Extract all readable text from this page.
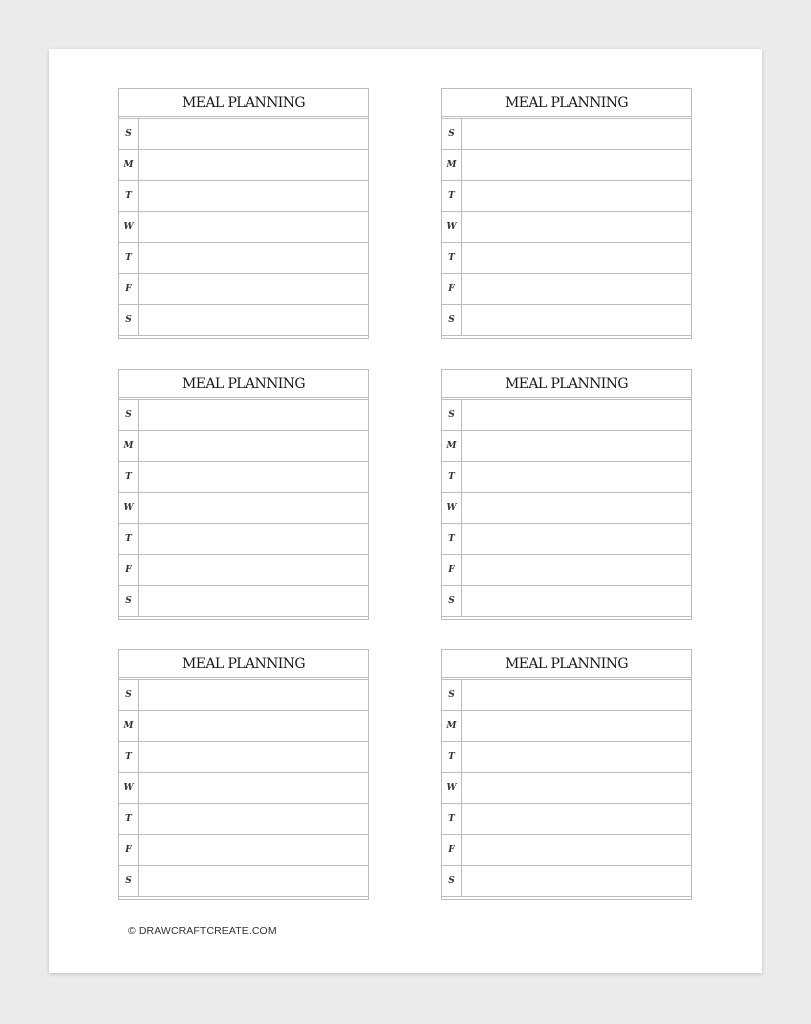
MEAL PLANNING
S
M
T
W
T
F
S
MEAL PLANNING
S
M
T
W
T
F
S
MEAL PLANNING
S
M
T
W
T
F
S
MEAL PLANNING
S
M
T
W
T
F
S
MEAL PLANNING
S
M
T
W
T
F
S
MEAL PLANNING
S
M
T
W
T
F
S
© DRAWCRAFTCREATE.COM
